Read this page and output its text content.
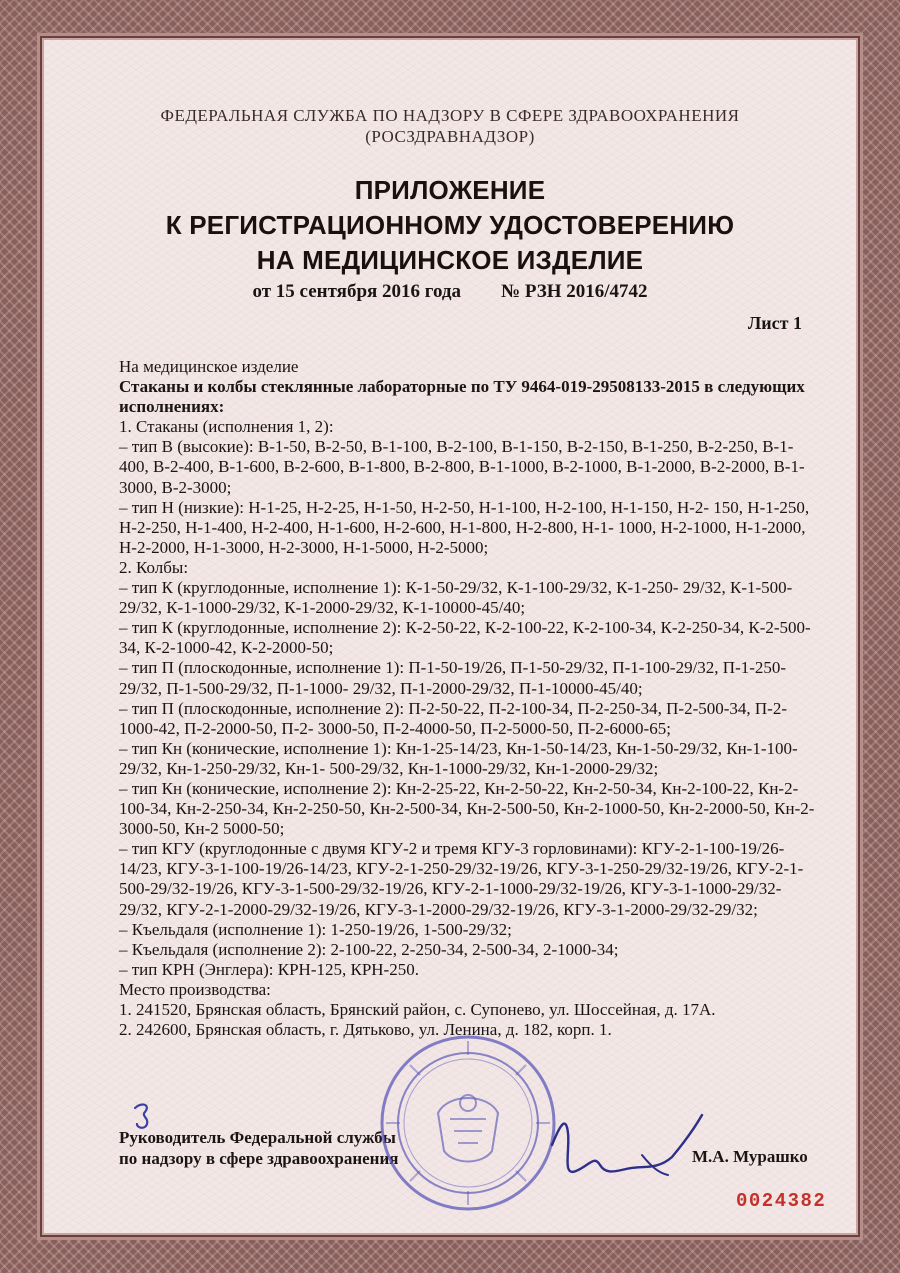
ФЕДЕРАЛЬНАЯ СЛУЖБА ПО НАДЗОРУ В СФЕРЕ ЗДРАВООХРАНЕНИЯ
(РОСЗДРАВНАДЗОР)
ПРИЛОЖЕНИЕ
К РЕГИСТРАЦИОННОМУ УДОСТОВЕРЕНИЮ
НА МЕДИЦИНСКОЕ ИЗДЕЛИЕ
от 15 сентября 2016 года № РЗН 2016/4742
Лист 1

На медицинское изделие

Стаканы и колбы стеклянные лабораторные по ТУ 9464-019-29508133-2015 в следующих исполнениях:

1. Стаканы (исполнения 1, 2):

– тип В (высокие): В-1-50, В-2-50, В-1-100, В-2-100, В-1-150, В-2-150, В-1-250, В-2-250, В-1-400, В-2-400, В-1-600, В-2-600, В-1-800, В-2-800, В-1-1000, В-2-1000, В-1-2000, В-2-2000, В-1-3000, В-2-3000;

– тип Н (низкие): Н-1-25, Н-2-25, Н-1-50, Н-2-50, Н-1-100, Н-2-100, Н-1-150, Н-2- 150, Н-1-250, Н-2-250, Н-1-400, Н-2-400, Н-1-600, Н-2-600, Н-1-800, Н-2-800, Н-1- 1000, Н-2-1000, Н-1-2000, Н-2-2000, Н-1-3000, Н-2-3000, Н-1-5000, Н-2-5000;

2. Колбы:

– тип К (круглодонные, исполнение 1): К-1-50-29/32, К-1-100-29/32, К-1-250- 29/32, К-1-500-29/32, К-1-1000-29/32, К-1-2000-29/32, К-1-10000-45/40;

– тип К (круглодонные, исполнение 2): К-2-50-22, К-2-100-22, К-2-100-34, К-2-250-34, К-2-500-34, К-2-1000-42, К-2-2000-50;

– тип П (плоскодонные, исполнение 1): П-1-50-19/26, П-1-50-29/32, П-1-100-29/32, П-1-250-29/32, П-1-500-29/32, П-1-1000- 29/32, П-1-2000-29/32, П-1-10000-45/40;

– тип П (плоскодонные, исполнение 2): П-2-50-22, П-2-100-34, П-2-250-34, П-2-500-34, П-2-1000-42, П-2-2000-50, П-2- 3000-50, П-2-4000-50, П-2-5000-50, П-2-6000-65;

– тип Кн (конические, исполнение 1): Кн-1-25-14/23, Кн-1-50-14/23, Кн-1-50-29/32, Кн-1-100-29/32, Кн-1-250-29/32, Кн-1- 500-29/32, Кн-1-1000-29/32, Кн-1-2000-29/32;

– тип Кн (конические, исполнение 2): Кн-2-25-22, Кн-2-50-22, Кн-2-50-34, Кн-2-100-22, Кн-2-100-34, Кн-2-250-34, Кн-2-250-50, Кн-2-500-34, Кн-2-500-50, Кн-2-1000-50, Кн-2-2000-50, Кн-2-3000-50, Кн-2 5000-50;

– тип КГУ (круглодонные с двумя КГУ-2 и тремя КГУ-3 горловинами): КГУ-2-1-100-19/26-14/23, КГУ-3-1-100-19/26-14/23, КГУ-2-1-250-29/32-19/26, КГУ-3-1-250-29/32-19/26, КГУ-2-1-500-29/32-19/26, КГУ-3-1-500-29/32-19/26, КГУ-2-1-1000-29/32-19/26, КГУ-3-1-1000-29/32-29/32, КГУ-2-1-2000-29/32-19/26, КГУ-3-1-2000-29/32-19/26, КГУ-3-1-2000-29/32-29/32;

– Къельдаля (исполнение 1): 1-250-19/26, 1-500-29/32;

– Къельдаля (исполнение 2): 2-100-22, 2-250-34, 2-500-34, 2-1000-34;

– тип КРН (Энглера): КРН-125, КРН-250.

Место производства:

1. 241520, Брянская область, Брянский район, с. Супонево, ул. Шоссейная, д. 17А.

2. 242600, Брянская область, г. Дятьково, ул. Ленина, д. 182, корп. 1.

Руководитель Федеральной службы
по надзору в сфере здравоохранения	М.А. Мурашко
0024382
